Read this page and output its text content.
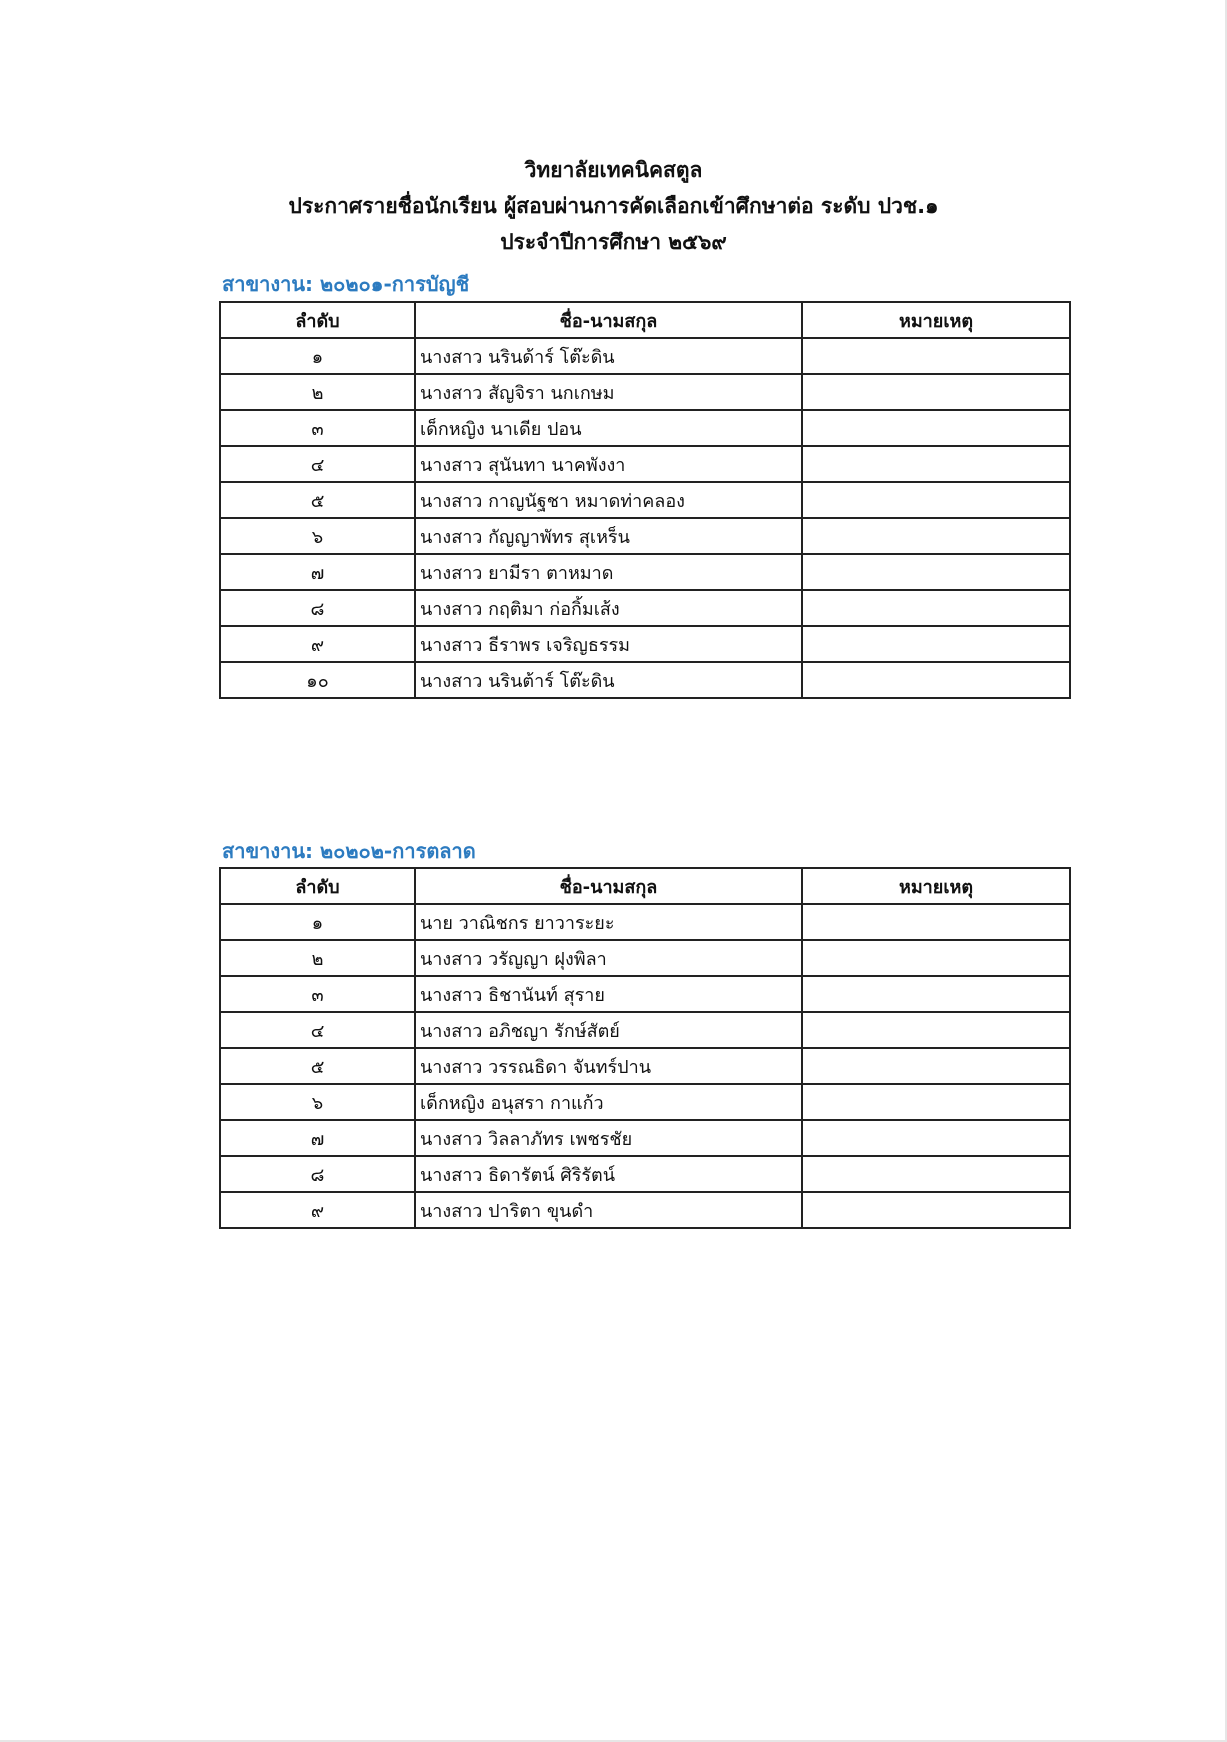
วิทยาลัยเทคนิคสตูล
ประกาศรายชื่อนักเรียน ผู้สอบผ่านการคัดเลือกเข้าศึกษาต่อ ระดับ ปวช.๑
ประจำปีการศึกษา ๒๕๖๙
สาขางาน: ๒๐๒๐๑-การบัญชี
ลำดับ	ชื่อ-นามสกุล	หมายเหตุ
๑	นางสาว นรินด้าร์ โต๊ะดิน	
๒	นางสาว สัญจิรา นกเกษม	
๓	เด็กหญิง นาเดีย ปอน	
๔	นางสาว สุนันทา นาคพังงา	
๕	นางสาว กาญนัฐชา หมาดท่าคลอง	
๖	นางสาว กัญญาพัทร สุเหร็น	
๗	นางสาว ยามีรา ตาหมาด	
๘	นางสาว กฤติมา ก่อกิ้มเส้ง	
๙	นางสาว ธีราพร เจริญธรรม	
๑๐	นางสาว นรินต้าร์ โต๊ะดิน	
สาขางาน: ๒๐๒๐๒-การตลาด
ลำดับ	ชื่อ-นามสกุล	หมายเหตุ
๑	นาย วาณิชกร ยาวาระยะ	
๒	นางสาว วรัญญา ฝุงพิลา	
๓	นางสาว ธิชานันท์ สุราย	
๔	นางสาว อภิชญา รักษ์สัตย์	
๕	นางสาว วรรณธิดา จันทร์ปาน	
๖	เด็กหญิง อนุสรา กาแก้ว	
๗	นางสาว วิลลาภัทร เพชรชัย	
๘	นางสาว ธิดารัตน์ ศิริรัตน์	
๙	นางสาว ปาริตา ขุนดำ	
